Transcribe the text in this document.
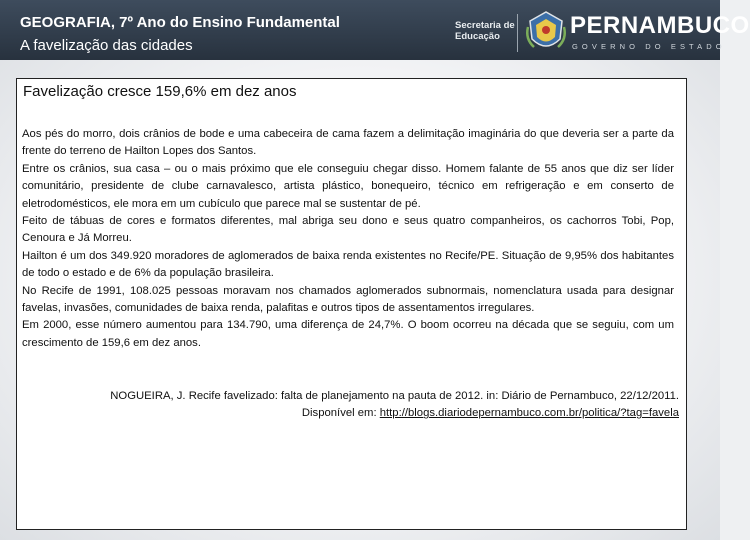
GEOGRAFIA, 7º Ano do Ensino Fundamental
A favelização das cidades
Secretaria de
Educação	PERNAMBUCO
GOVERNO DO ESTADO
Favelização cresce 159,6% em dez anos

Aos pés do morro, dois crânios de bode e uma cabeceira de cama fazem a delimitação imaginária do que deveria ser a parte da frente do terreno de Hailton Lopes dos Santos.

Entre os crânios, sua casa – ou o mais próximo que ele conseguiu chegar disso. Homem falante de 55 anos que diz ser líder comunitário, presidente de clube carnavalesco, artista plástico, bonequeiro, técnico em refrigeração e em conserto de eletrodomésticos, ele mora em um cubículo que parece mal se sustentar de pé.

Feito de tábuas de cores e formatos diferentes, mal abriga seu dono e seus quatro companheiros, os cachorros Tobi, Pop, Cenoura e Já Morreu.

Hailton é um dos 349.920 moradores de aglomerados de baixa renda existentes no Recife/PE. Situação de 9,95% dos habitantes de todo o estado e de 6% da população brasileira.

No Recife de 1991, 108.025 pessoas moravam nos chamados aglomerados subnormais, nomenclatura usada para designar favelas, invasões, comunidades de baixa renda, palafitas e outros tipos de assentamentos irregulares.

Em 2000, esse número aumentou para 134.790, uma diferença de 24,7%. O boom ocorreu na década que se seguiu, com um crescimento de 159,6 em dez anos.

NOGUEIRA, J. Recife favelizado: falta de planejamento na pauta de 2012. in: Diário de Pernambuco, 22/12/2011.
Disponível em: http://blogs.diariodepernambuco.com.br/politica/?tag=favela
